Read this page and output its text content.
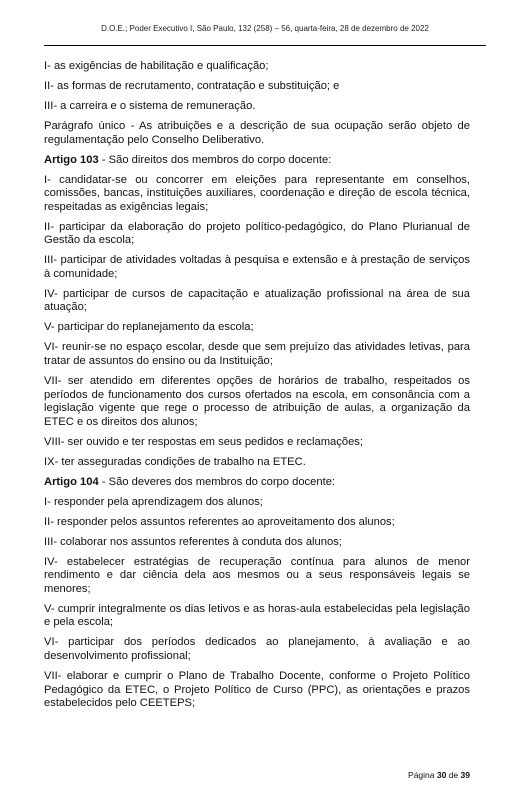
D.O.E.; Poder Executivo I, São Paulo, 132 (258) – 56, quarta-feira, 28 de dezembro de 2022

I- as exigências de habilitação e qualificação;

II- as formas de recrutamento, contratação e substituição; e

III- a carreira e o sistema de remuneração.

Parágrafo único - As atribuições e a descrição de sua ocupação serão objeto de regulamentação pelo Conselho Deliberativo.

Artigo 103 - São direitos dos membros do corpo docente:

I- candidatar-se ou concorrer em eleições para representante em conselhos, comissões, bancas, instituições auxiliares, coordenação e direção de escola técnica, respeitadas as exigências legais;

II- participar da elaboração do projeto político-pedagógico, do Plano Plurianual de Gestão da escola;

III- participar de atividades voltadas à pesquisa e extensão e à prestação de serviços à comunidade;

IV- participar de cursos de capacitação e atualização profissional na área de sua atuação;

V- participar do replanejamento da escola;

VI- reunir-se no espaço escolar, desde que sem prejuízo das atividades letivas, para tratar de assuntos do ensino ou da Instituição;

VII- ser atendido em diferentes opções de horários de trabalho, respeitados os períodos de funcionamento dos cursos ofertados na escola, em consonância com a legislação vigente que rege o processo de atribuição de aulas, a organização da ETEC e os direitos dos alunos;

VIII- ser ouvido e ter respostas em seus pedidos e reclamações;

IX- ter asseguradas condições de trabalho na ETEC.

Artigo 104 - São deveres dos membros do corpo docente:

I- responder pela aprendizagem dos alunos;

II- responder pelos assuntos referentes ao aproveitamento dos alunos;

III- colaborar nos assuntos referentes à conduta dos alunos;

IV- estabelecer estratégias de recuperação contínua para alunos de menor rendimento e dar ciência dela aos mesmos ou a seus responsáveis legais se menores;

V- cumprir integralmente os dias letivos e as horas-aula estabelecidas pela legislação e pela escola;

VI- participar dos períodos dedicados ao planejamento, à avaliação e ao desenvolvimento profissional;

VII- elaborar e cumprir o Plano de Trabalho Docente, conforme o Projeto Político Pedagógico da ETEC, o Projeto Político de Curso (PPC), as orientações e prazos estabelecidos pelo CEETEPS;

Página 30 de 39
